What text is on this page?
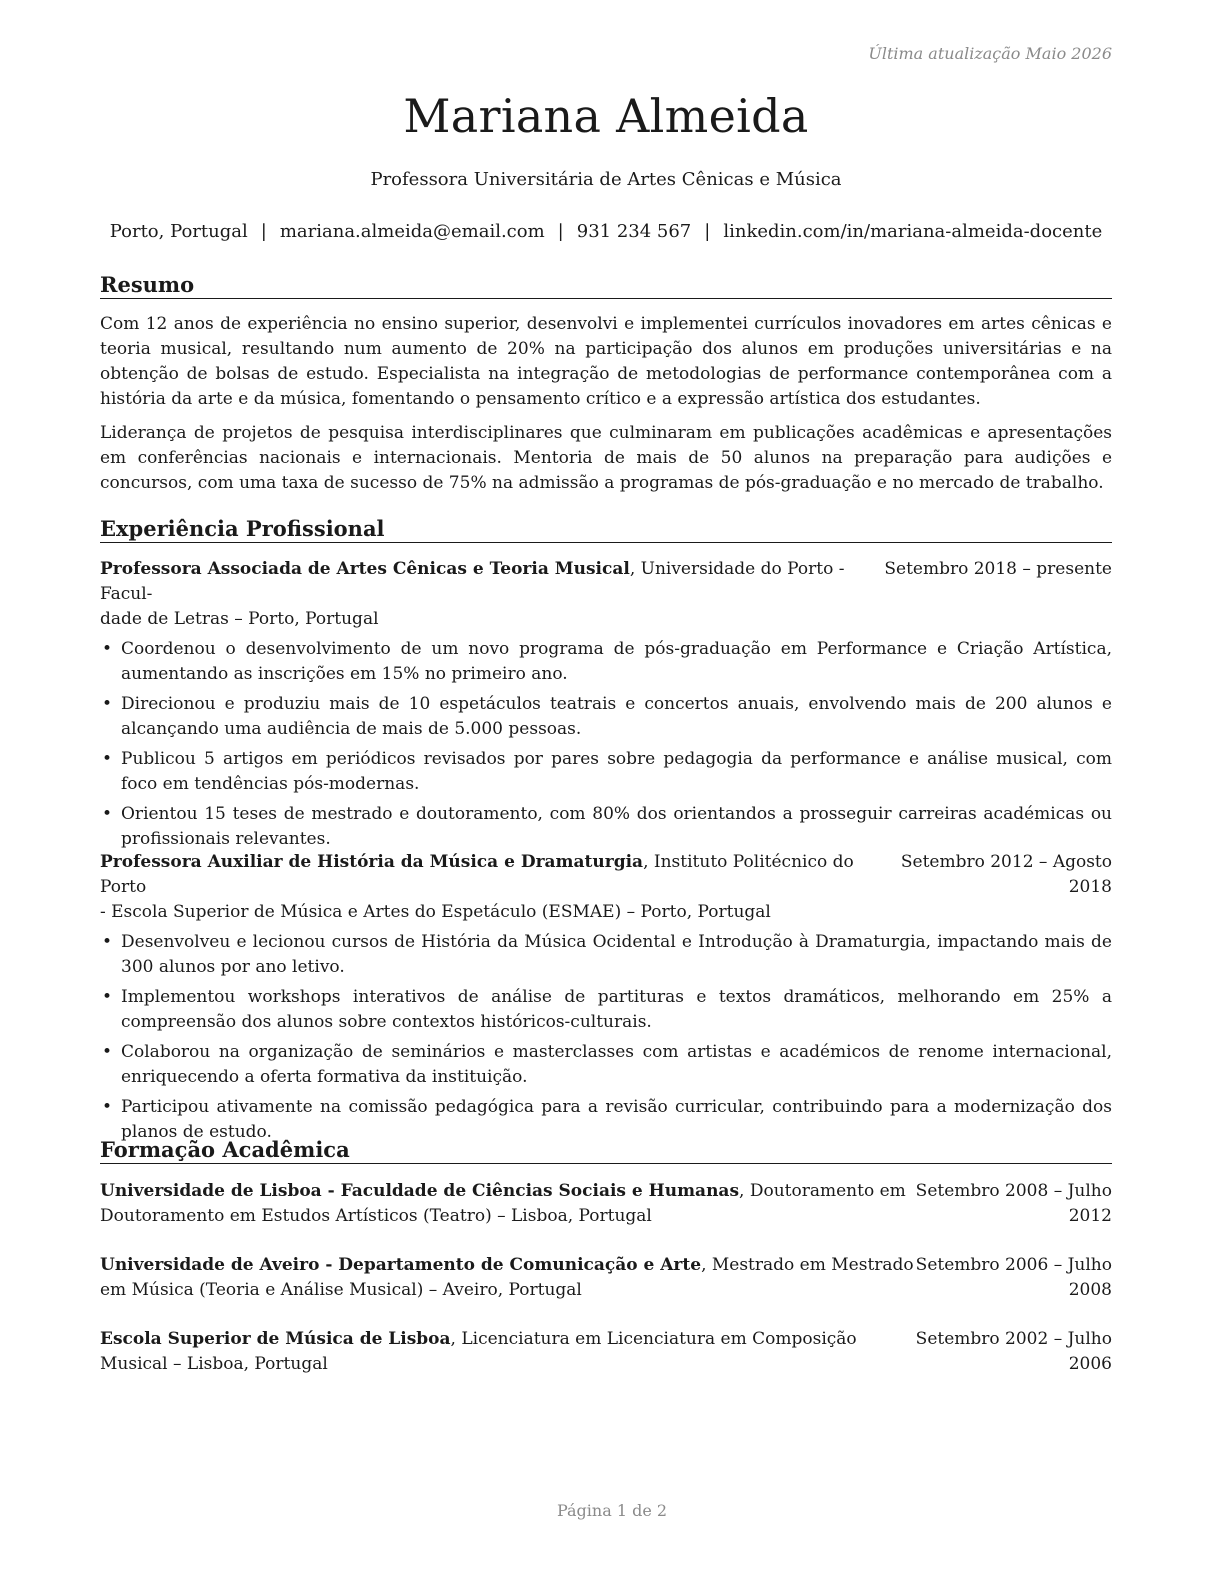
Última atualização Maio 2026
Mariana Almeida
Professora Universitária de Artes Cênicas e Música
Porto, Portugal | mariana.almeida@email.com | 931 234 567 | linkedin.com/in/mariana-almeida-docente
Resumo

Com 12 anos de experiência no ensino superior, desenvolvi e implementei currículos inovadores em artes cênicas e teoria musical, resultando num aumento de 20% na participação dos alunos em produções universitárias e na obtenção de bolsas de estudo. Especialista na integração de metodologias de performance contemporânea com a história da arte e da música, fomentando o pensamento crítico e a expressão artística dos estudantes.

Liderança de projetos de pesquisa interdisciplinares que culminaram em publicações acadêmicas e apresentações em conferências nacionais e internacionais. Mentoria de mais de 50 alunos na preparação para audições e concursos, com uma taxa de sucesso de 75% na admissão a programas de pós-graduação e no mercado de trabalho.

Experiência Profissional
Professora Associada de Artes Cênicas e Teoria Musical, Universidade do Porto - Facul-
dade de Letras – Porto, Portugal
Setembro 2018 – presente
• Coordenou o desenvolvimento de um novo programa de pós-graduação em Performance e Criação Artística, aumentando as inscrições em 15% no primeiro ano.
• Direcionou e produziu mais de 10 espetáculos teatrais e concertos anuais, envolvendo mais de 200 alunos e alcançando uma audiência de mais de 5.000 pessoas.
• Publicou 5 artigos em periódicos revisados por pares sobre pedagogia da performance e análise musical, com foco em tendências pós-modernas.
• Orientou 15 teses de mestrado e doutoramento, com 80% dos orientandos a prosseguir carreiras académicas ou profissionais relevantes.
Professora Auxiliar de História da Música e Dramaturgia, Instituto Politécnico do Porto
- Escola Superior de Música e Artes do Espetáculo (ESMAE) – Porto, Portugal
Setembro 2012 – Agosto
2018
• Desenvolveu e lecionou cursos de História da Música Ocidental e Introdução à Dramaturgia, impactando mais de 300 alunos por ano letivo.
• Implementou workshops interativos de análise de partituras e textos dramáticos, melhorando em 25% a compreensão dos alunos sobre contextos históricos-culturais.
• Colaborou na organização de seminários e masterclasses com artistas e académicos de renome internacional, enriquecendo a oferta formativa da instituição.
• Participou ativamente na comissão pedagógica para a revisão curricular, contribuindo para a modernização dos planos de estudo.
Formação Acadêmica
Universidade de Lisboa - Faculdade de Ciências Sociais e Humanas, Doutoramento em
Doutoramento em Estudos Artísticos (Teatro) – Lisboa, Portugal
Setembro 2008 – Julho
2012
Universidade de Aveiro - Departamento de Comunicação e Arte, Mestrado em Mestrado
em Música (Teoria e Análise Musical) – Aveiro, Portugal
Setembro 2006 – Julho
2008
Escola Superior de Música de Lisboa, Licenciatura em Licenciatura em Composição
Musical – Lisboa, Portugal
Setembro 2002 – Julho
2006
Página 1 de 2
